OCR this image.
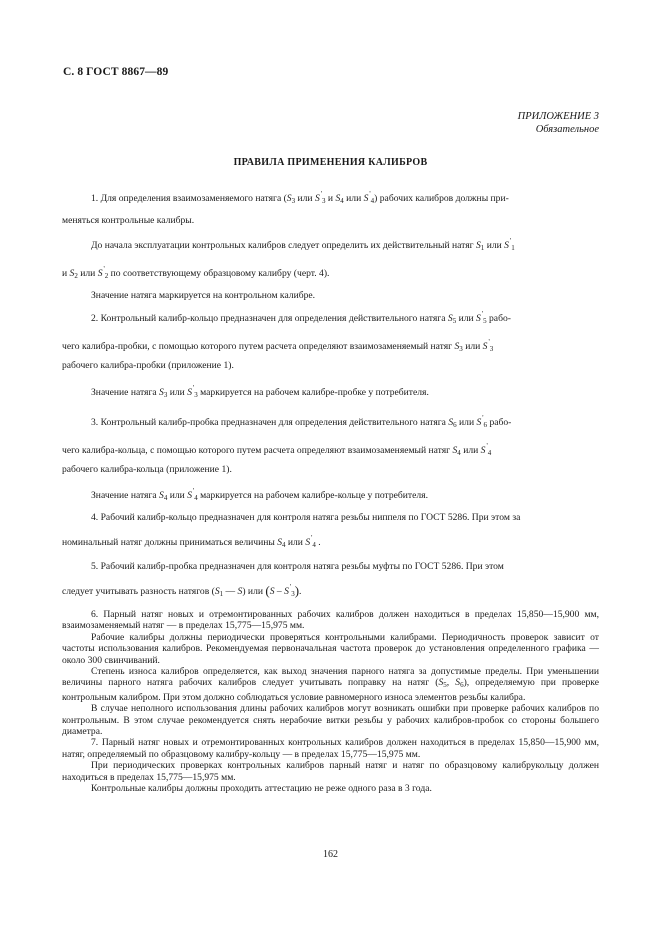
С. 8 ГОСТ 8867—89
ПРИЛОЖЕНИЕ 3
Обязательное
ПРАВИЛА ПРИМЕНЕНИЯ КАЛИБРОВ

1. Для определения взаимозаменяемого натяга ($S_3$ или $S'_3$ и $S_4$ или $S'_4$) рабочих калибров должны при-

меняться контрольные калибры.

До начала эксплуатации контрольных калибров следует определить их действительный натяг $S_1$ или $S'_1$

и $S_2$ или $S'_2$ по соответствующему образцовому калибру (черт. 4).

Значение натяга маркируется на контрольном калибре.

2. Контрольный калибр-кольцо предназначен для определения действительного натяга $S_5$ или $S'_5$ рабо-

чего калибра-пробки, с помощью которого путем расчета определяют взаимозаменяемый натяг $S_3$ или $S'_3$

рабочего калибра-пробки (приложение 1).

Значение натяга $S_3$ или $S'_3$ маркируется на рабочем калибре-пробке у потребителя.

3. Контрольный калибр-пробка предназначен для определения действительного натяга $S_6$ или $S'_6$ рабо-

чего калибра-кольца, с помощью которого путем расчета определяют взаимозаменяемый натяг $S_4$ или $S'_4$

рабочего калибра-кольца (приложение 1).

Значение натяга $S_4$ или $S'_4$ маркируется на рабочем калибре-кольце у потребителя.

4. Рабочий калибр-кольцо предназначен для контроля натяга резьбы ниппеля по ГОСТ 5286. При этом за

номинальный натяг должны приниматься величины $S_4$ или $S'_4$ .

5. Рабочий калибр-пробка предназначен для контроля натяга резьбы муфты по ГОСТ 5286. При этом

следует учитывать разность натягов ($S_1$ — S) или $(S - S'_3)$.

6. Парный натяг новых и отремонтированных рабочих калибров должен находиться в пределах 15,850—15,900 мм, взаимозаменяемый натяг — в пределах 15,775—15,975 мм.

Рабочие калибры должны периодически проверяться контрольными калибрами. Периодичность проверок зависит от частоты использования калибров. Рекомендуемая первоначальная частота проверок до установления определенного графика — около 300 свинчиваний.

Степень износа калибров определяется, как выход значения парного натяга за допустимые пределы. При уменьшении величины парного натяга рабочих калибров следует учитывать поправку на натяг ($S_5$, $S_6$), определяемую при проверке контрольным калибром. При этом должно соблюдаться условие равномерного износа элементов резьбы калибра.

В случае неполного использования длины рабочих калибров могут возникать ошибки при проверке рабочих калибров по контрольным. В этом случае рекомендуется снять нерабочие витки резьбы у рабочих калибров-пробок со стороны большего диаметра.

7. Парный натяг новых и отремонтированных контрольных калибров должен находиться в пределах 15,850—15,900 мм, натяг, определяемый по образцовому калибру-кольцу — в пределах 15,775—15,975 мм.

При периодических проверках контрольных калибров парный натяг и натяг по образцовому калибрукольцу должен находиться в пределах 15,775—15,975 мм.

Контрольные калибры должны проходить аттестацию не реже одного раза в 3 года.

162
